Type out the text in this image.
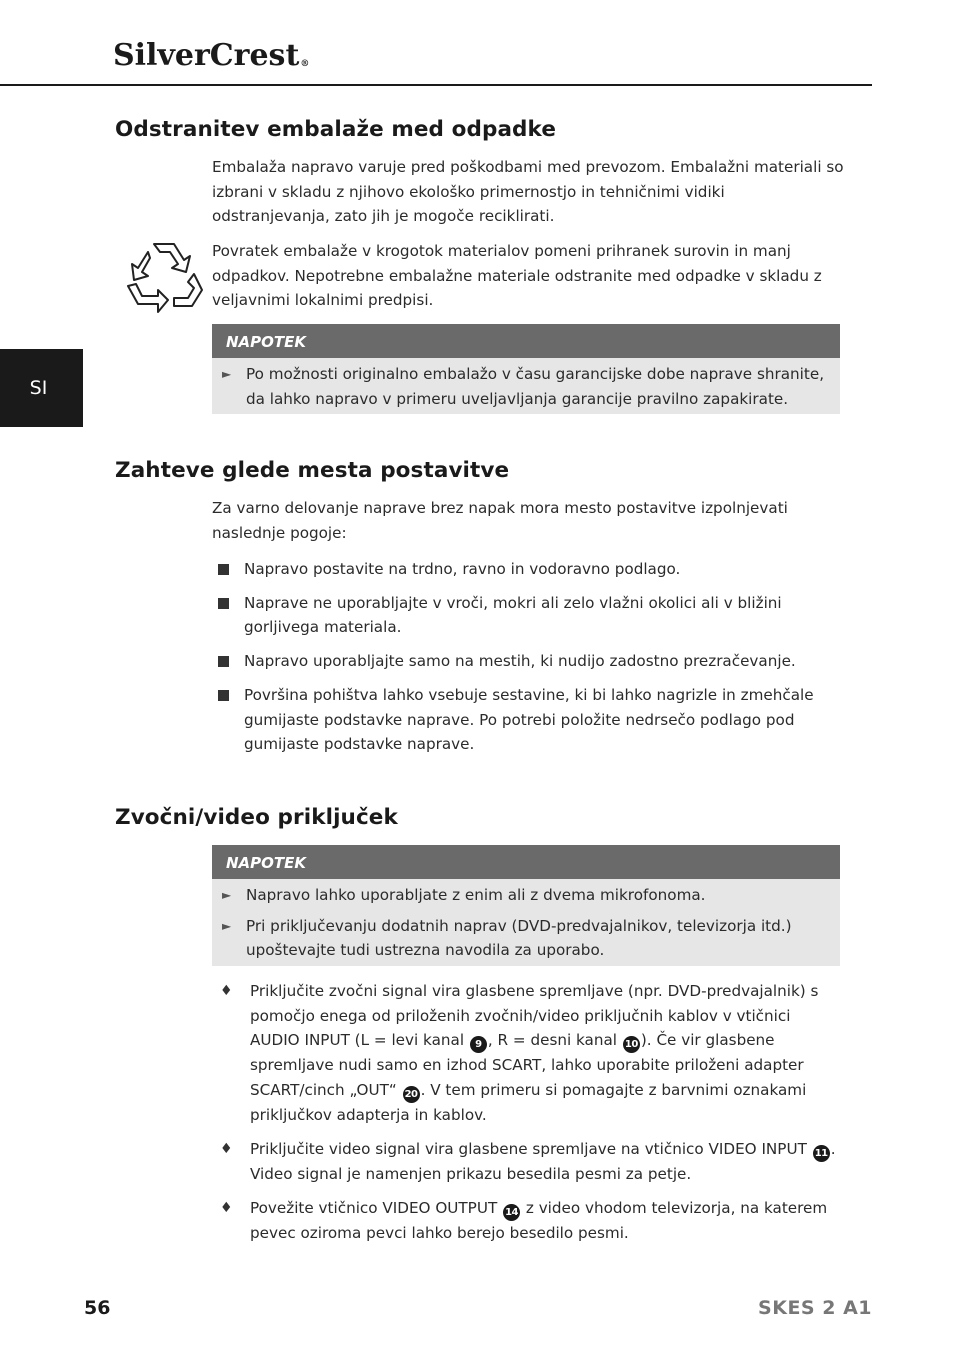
SilverCrest®
SI
Odstranitev embalaže med odpadke

Embalaža napravo varuje pred poškodbami med prevozom. Embalažni materiali so izbrani v skladu z njihovo ekološko primernostjo in tehničnimi vidiki odstranjevanja, zato jih je mogoče reciklirati.

Povratek embalaže v krogotok materialov pomeni prihranek surovin in manj odpadkov. Nepotrebne embalažne materiale odstranite med odpadke v skladu z veljavnimi lokalnimi predpisi.

NAPOTEK
► Po možnosti originalno embalažo v času garancijske dobe naprave shranite, da lahko napravo v primeru uveljavljanja garancije pravilno zapakirate.
Zahteve glede mesta postavitve

Za varno delovanje naprave brez napak mora mesto postavitve izpolnjevati naslednje pogoje:

Napravo postavite na trdno, ravno in vodoravno podlago.
Naprave ne uporabljajte v vroči, mokri ali zelo vlažni okolici ali v bližini gorljivega materiala.
Napravo uporabljajte samo na mestih, ki nudijo zadostno prezračevanje.
Površina pohištva lahko vsebuje sestavine, ki bi lahko nagrizle in zmehčale gumijaste podstavke naprave. Po potrebi položite nedrsečo podlago pod gumijaste podstavke naprave.
Zvočni/video priključek
NAPOTEK
► Napravo lahko uporabljate z enim ali z dvema mikrofonoma.
► Pri priključevanju dodatnih naprav (DVD-predvajalnikov, televizorja itd.) upoštevajte tudi ustrezna navodila za uporabo.
♦ Priključite zvočni signal vira glasbene spremljave (npr. DVD-predvajalnik) s pomočjo enega od priloženih zvočnih/video priključnih kablov v vtičnici AUDIO INPUT (L = levi kanal 9 , R = desni kanal 10 ). Če vir glasbene spremljave nudi samo en izhod SCART, lahko uporabite priloženi adapter SCART/cinch „OUT“ 20 . V tem primeru si pomagajte z barvnimi oznakami priključkov adapterja in kablov.
♦ Priključite video signal vira glasbene spremljave na vtičnico VIDEO INPUT 11 . Video signal je namenjen prikazu besedila pesmi za petje.
♦ Povežite vtičnico VIDEO OUTPUT 14 z video vhodom televizorja, na katerem pevec oziroma pevci lahko berejo besedilo pesmi.
56	SKES 2 A1
